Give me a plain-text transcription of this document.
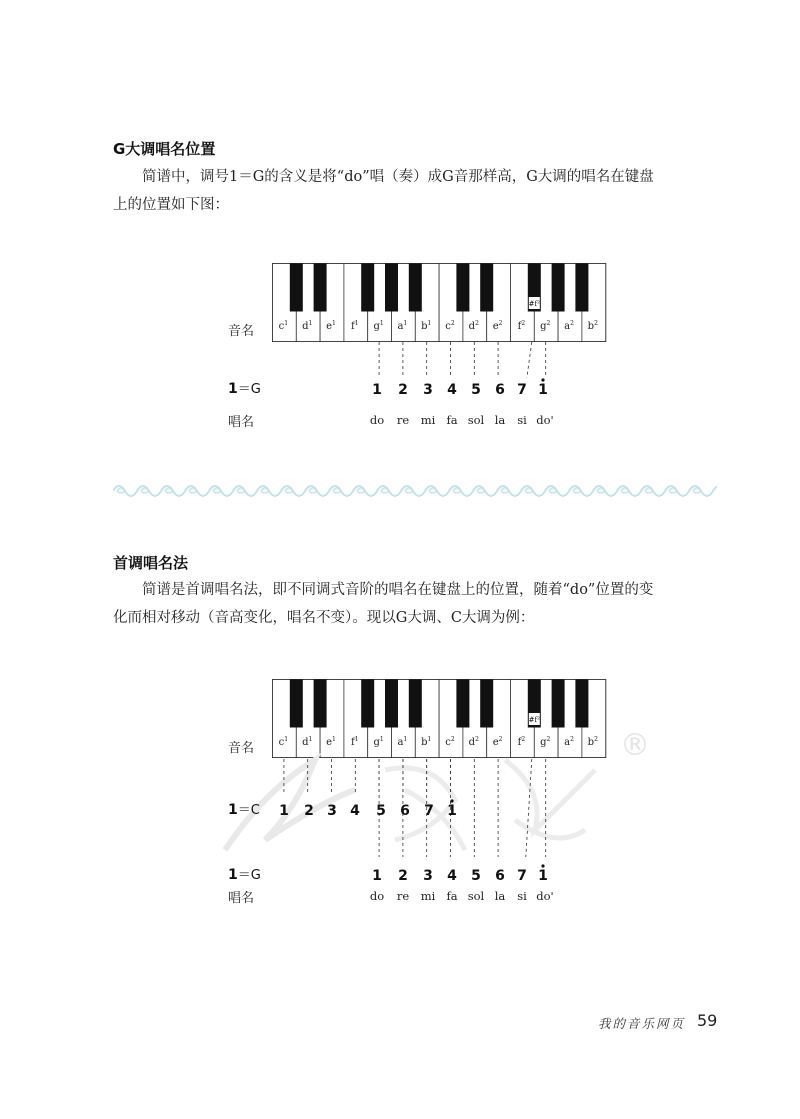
G大调唱名位置
简谱中，调号1＝G的含义是将“do”唱（奏）成G音那样高，G大调的唱名在键盘
上的位置如下图：
$c^1$ $d^1$ $e^1$ $f^1$ $g^1$ $a^1$ $b^1$ $c^2$ $d^2$ $e^2$ $f^2$ $g^2$ $a^2$ $b^2$
#f²
音名
1＝G	1 2 3 4 5 6 7 1
唱名	do re mi fa sol la si do'
首调唱名法
简谱是首调唱名法，即不同调式音阶的唱名在键盘上的位置，随着“do”位置的变
化而相对移动（音高变化，唱名不变）。现以G大调、C大调为例：
$c^1$ $d^1$ $e^1$ $f^1$ $g^1$ $a^1$ $b^1$ $c^2$ $d^2$ $e^2$ $f^2$ $g^2$ $a^2$ $b^2$
#f²
音名	®
1＝C 1 2 3 4 5 6 7 1
1＝G	1 2 3 4 5 6 7 1
唱名	do re mi fa sol la si do'
我的音乐网页 59
